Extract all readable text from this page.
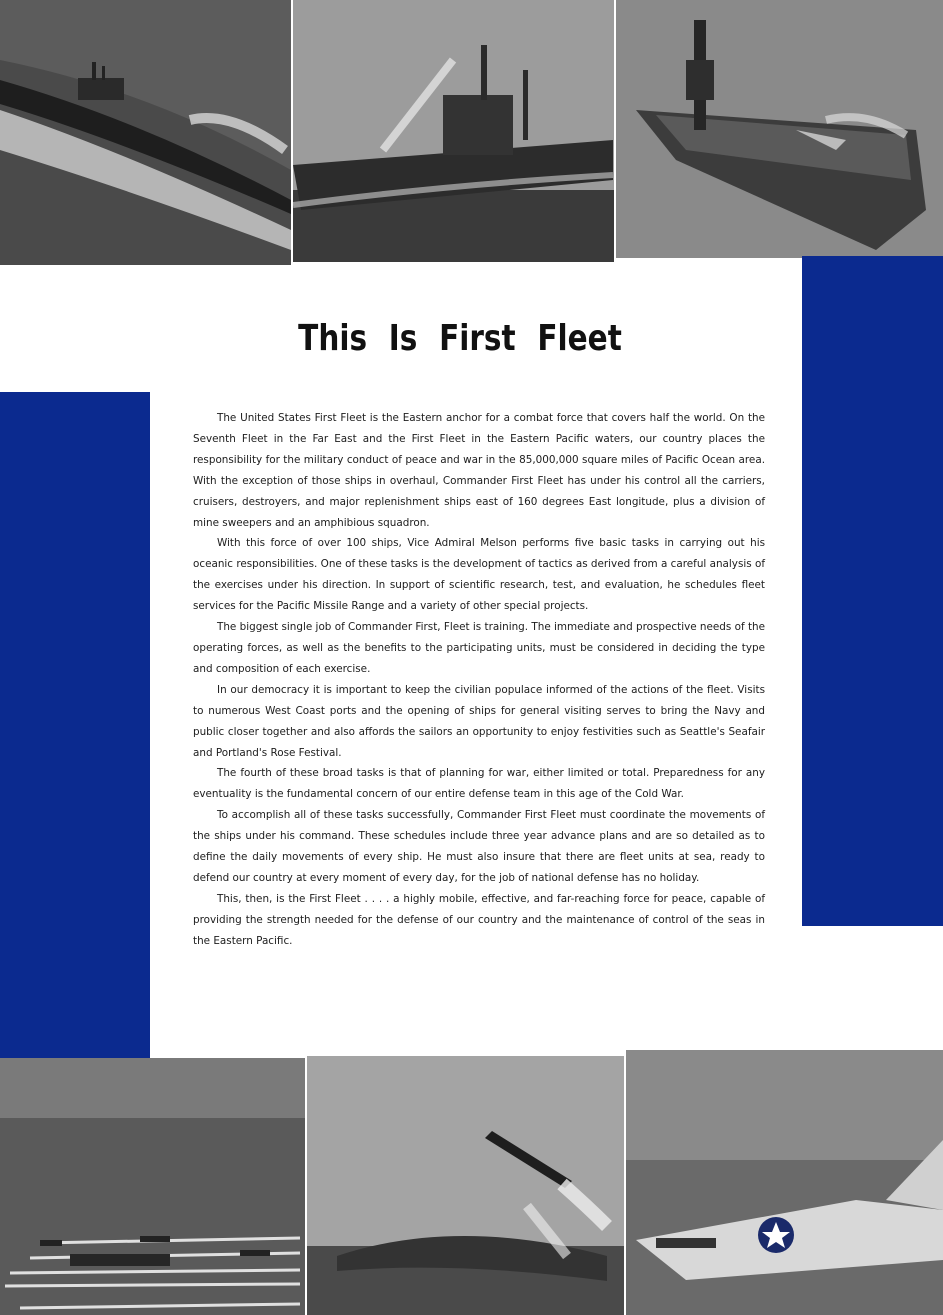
This Is First Fleet

The United States First Fleet is the Eastern anchor for a combat force that covers half the world. On the Seventh Fleet in the Far East and the First Fleet in the Eastern Pacific waters, our country places the responsibility for the military conduct of peace and war in the 85,000,000 square miles of Pacific Ocean area. With the exception of those ships in overhaul, Commander First Fleet has under his control all the carriers, cruisers, destroyers, and major replenishment ships east of 160 degrees East longitude, plus a division of mine sweepers and an amphibious squadron.

With this force of over 100 ships, Vice Admiral Melson performs five basic tasks in carrying out his oceanic responsibilities. One of these tasks is the development of tactics as derived from a careful analysis of the exercises under his direction. In support of scientific research, test, and evaluation, he schedules fleet services for the Pacific Missile Range and a variety of other special projects.

The biggest single job of Commander First, Fleet is training. The immediate and prospective needs of the operating forces, as well as the benefits to the participating units, must be considered in deciding the type and composition of each exercise.

In our democracy it is important to keep the civilian populace informed of the actions of the fleet. Visits to numerous West Coast ports and the opening of ships for general visiting serves to bring the Navy and public closer together and also affords the sailors an opportunity to enjoy festivities such as Seattle's Seafair and Portland's Rose Festival.

The fourth of these broad tasks is that of planning for war, either limited or total. Preparedness for any eventuality is the fundamental concern of our entire defense team in this age of the Cold War.

To accomplish all of these tasks successfully, Commander First Fleet must coordinate the movements of the ships under his command. These schedules include three year advance plans and are so detailed as to define the daily movements of every ship. He must also insure that there are fleet units at sea, ready to defend our country at every moment of every day, for the job of national defense has no holiday.

This, then, is the First Fleet . . . . a highly mobile, effective, and far-reaching force for peace, capable of providing the strength needed for the defense of our country and the maintenance of control of the seas in the Eastern Pacific.
